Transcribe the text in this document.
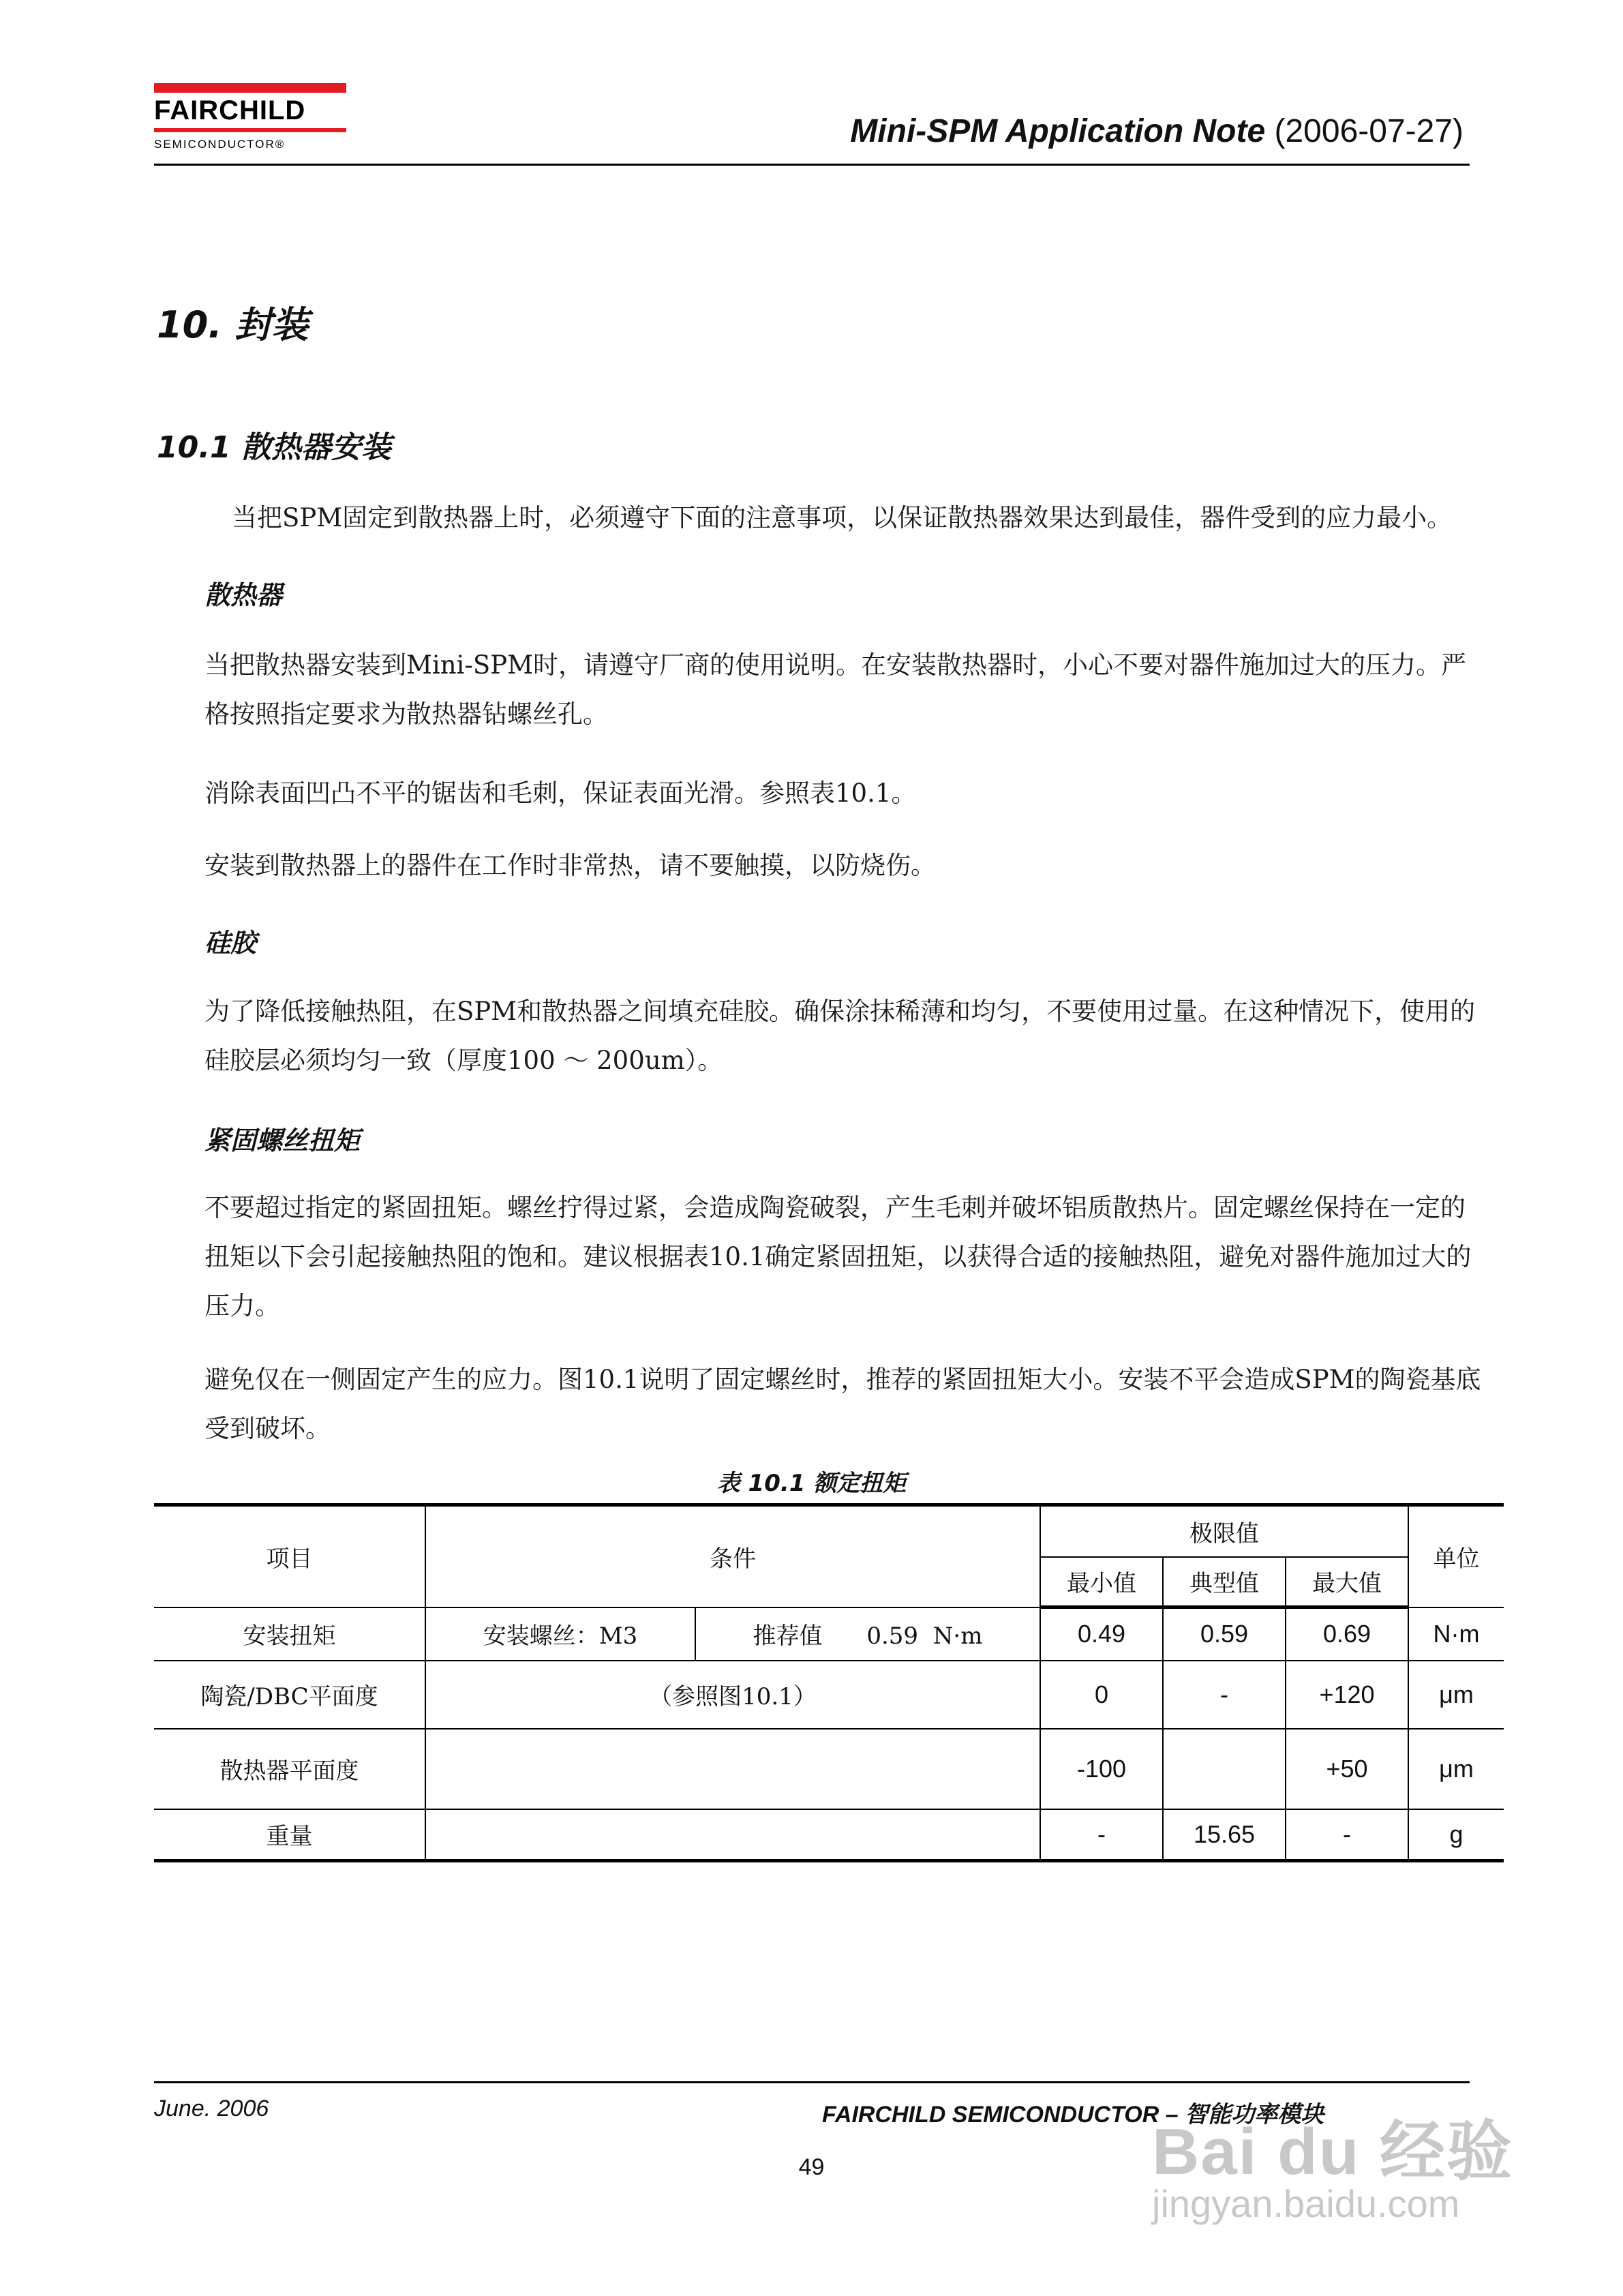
FAIRCHILD
SEMICONDUCTOR®	Mini-SPM Application Note (2006-07-27)
10. 封装
10.1 散热器安装
当把SPM固定到散热器上时，必须遵守下面的注意事项，以保证散热器效果达到最佳，器件受到的应力最小。
散热器
当把散热器安装到Mini-SPM时，请遵守厂商的使用说明。在安装散热器时，小心不要对器件施加过大的压力。严格按照指定要求为散热器钻螺丝孔。
消除表面凹凸不平的锯齿和毛刺，保证表面光滑。参照表10.1。
安装到散热器上的器件在工作时非常热，请不要触摸，以防烧伤。
硅胶
为了降低接触热阻，在SPM和散热器之间填充硅胶。确保涂抹稀薄和均匀，不要使用过量。在这种情况下，使用的硅胶层必须均匀一致（厚度100 ～ 200um）。
紧固螺丝扭矩
不要超过指定的紧固扭矩。螺丝拧得过紧，会造成陶瓷破裂，产生毛刺并破坏铝质散热片。固定螺丝保持在一定的扭矩以下会引起接触热阻的饱和。建议根据表10.1确定紧固扭矩，以获得合适的接触热阻，避免对器件施加过大的压力。
避免仅在一侧固定产生的应力。图10.1说明了固定螺丝时，推荐的紧固扭矩大小。安装不平会造成SPM的陶瓷基底受到破坏。
表 10.1 额定扭矩
项目	条件		极限值			单位
			最小值	典型值	最大值	
安装扭矩	安装螺丝：M3	推荐值      0.59  N·m	0.49	0.59	0.69	N·m
陶瓷/DBC平面度	（参照图10.1）		0	-	+120	μm
散热器平面度			-100		+50	μm
重量			-	15.65	-	g
June. 2006	FAIRCHILD SEMICONDUCTOR – 智能功率模块
49	Bai du 经验
jingyan.baidu.com
